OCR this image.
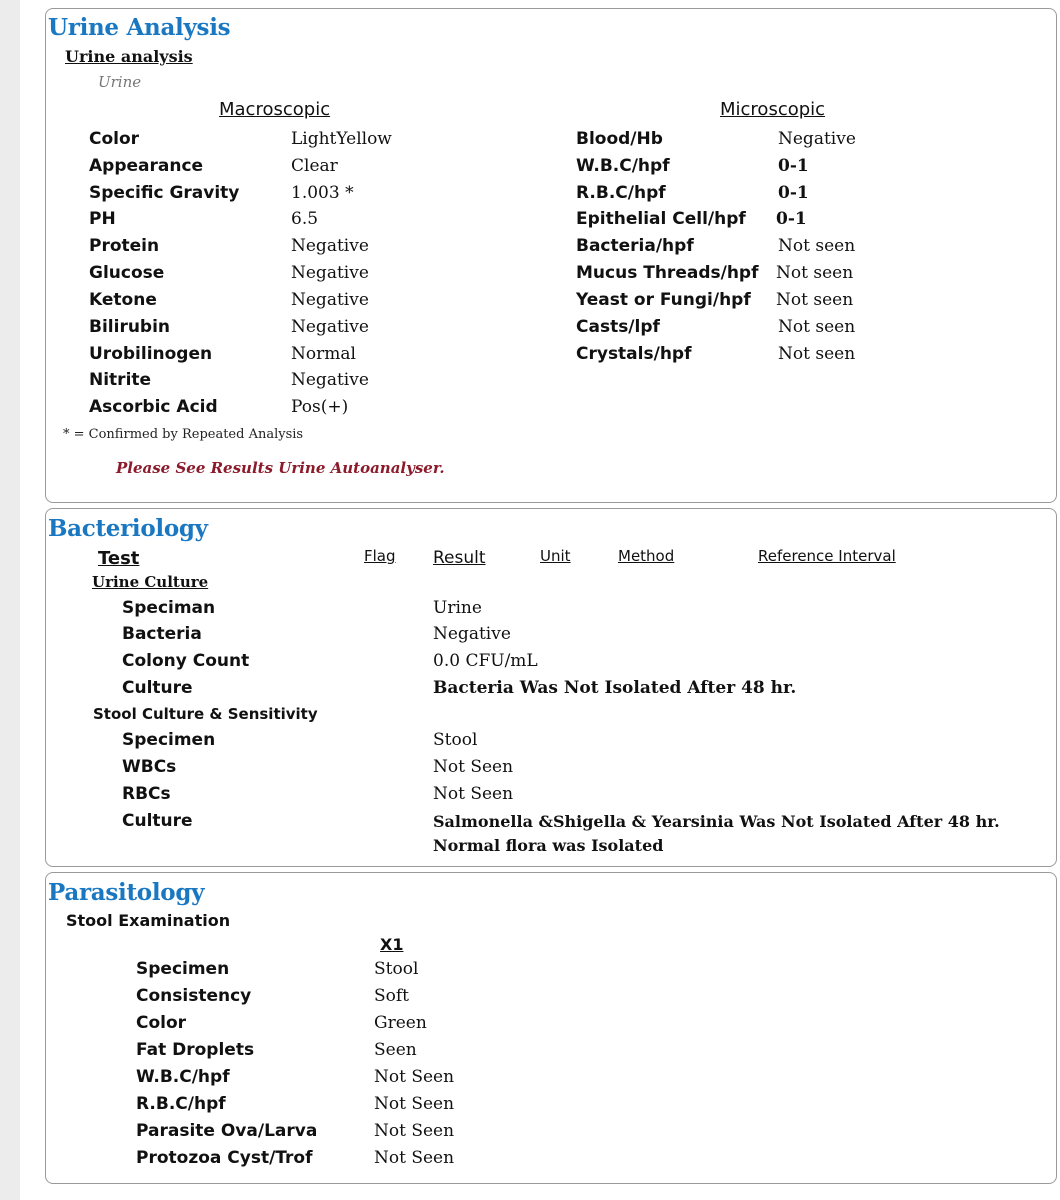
Urine Analysis
Urine analysis
Urine
Macroscopic	Microscopic
Color	LightYellow
Appearance	Clear
Specific Gravity	1.003 *
PH	6.5
Protein	Negative
Glucose	Negative
Ketone	Negative
Bilirubin	Negative
Urobilinogen	Normal
Nitrite	Negative
Ascorbic Acid	Pos(+)
Blood/Hb	Negative
W.B.C/hpf	0-1
R.B.C/hpf	0-1
Epithelial Cell/hpf 0-1
Bacteria/hpf	Not seen
Mucus Threads/hpf Not seen
Yeast or Fungi/hpf Not seen
Casts/lpf	Not seen
Crystals/hpf	Not seen
* = Confirmed by Repeated Analysis
Please See Results Urine Autoanalyser.
Bacteriology
Test	Flag Result	Unit	Method	Reference Interval
Urine Culture
Speciman	Urine
Bacteria	Negative
Colony Count	0.0 CFU/mL
Culture	Bacteria Was Not Isolated After 48 hr.
Stool Culture & Sensitivity
Specimen	Stool
WBCs	Not Seen
RBCs	Not Seen
Culture	Salmonella &Shigella & Yearsinia Was Not Isolated After 48 hr. Normal flora was Isolated
Parasitology
Stool Examination
X1
Specimen	Stool
Consistency	Soft
Color	Green
Fat Droplets	Seen
W.B.C/hpf	Not Seen
R.B.C/hpf	Not Seen
Parasite Ova/Larva	Not Seen
Protozoa Cyst/Trof	Not Seen
